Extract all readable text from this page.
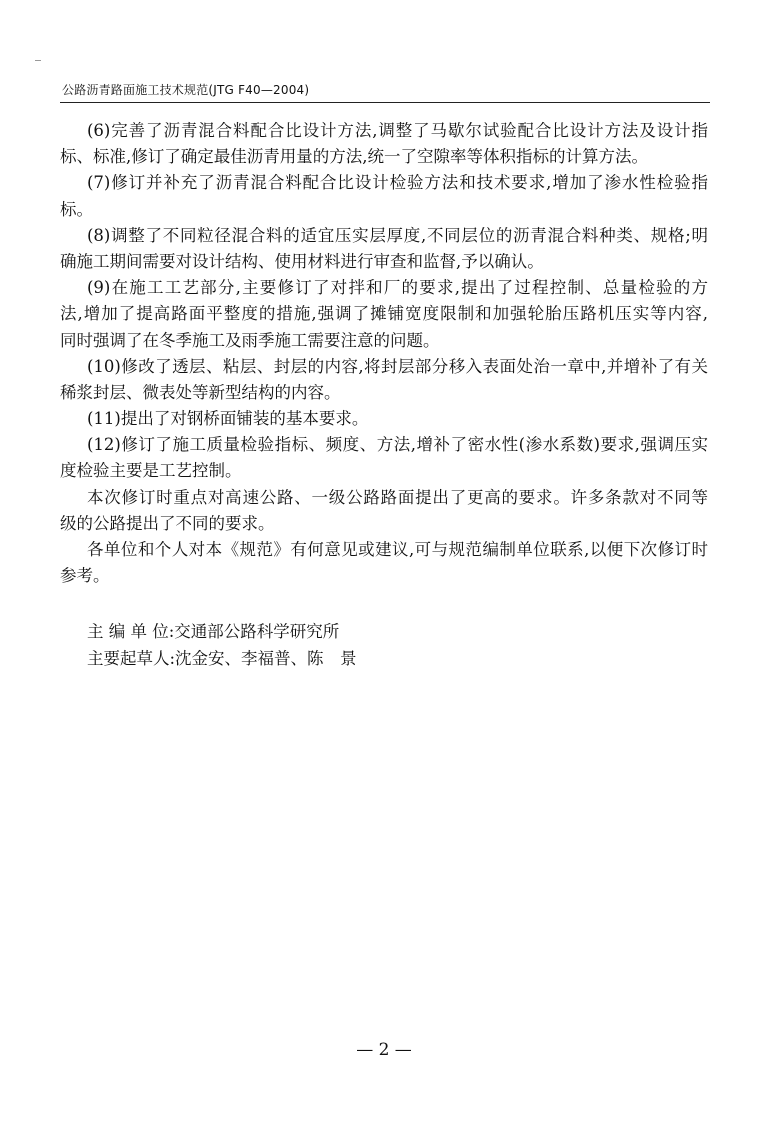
公路沥青路面施工技术规范(JTG F40—2004)
(6)完善了沥青混合料配合比设计方法,调整了马歇尔试验配合比设计方法及设计指
标、标准,修订了确定最佳沥青用量的方法,统一了空隙率等体积指标的计算方法。
(7)修订并补充了沥青混合料配合比设计检验方法和技术要求,增加了渗水性检验指
标。
(8)调整了不同粒径混合料的适宜压实层厚度,不同层位的沥青混合料种类、规格;明
确施工期间需要对设计结构、使用材料进行审查和监督,予以确认。
(9)在施工工艺部分,主要修订了对拌和厂的要求,提出了过程控制、总量检验的方
法,增加了提高路面平整度的措施,强调了摊铺宽度限制和加强轮胎压路机压实等内容,
同时强调了在冬季施工及雨季施工需要注意的问题。
(10)修改了透层、粘层、封层的内容,将封层部分移入表面处治一章中,并增补了有关
稀浆封层、微表处等新型结构的内容。
(11)提出了对钢桥面铺装的基本要求。
(12)修订了施工质量检验指标、频度、方法,增补了密水性(渗水系数)要求,强调压实
度检验主要是工艺控制。
本次修订时重点对高速公路、一级公路路面提出了更高的要求。许多条款对不同等
级的公路提出了不同的要求。
各单位和个人对本《规范》有何意见或建议,可与规范编制单位联系,以便下次修订时
参考。
主 编 单 位:交通部公路科学研究所
主要起草人:沈金安、李福普、陈　景
— 2 —
